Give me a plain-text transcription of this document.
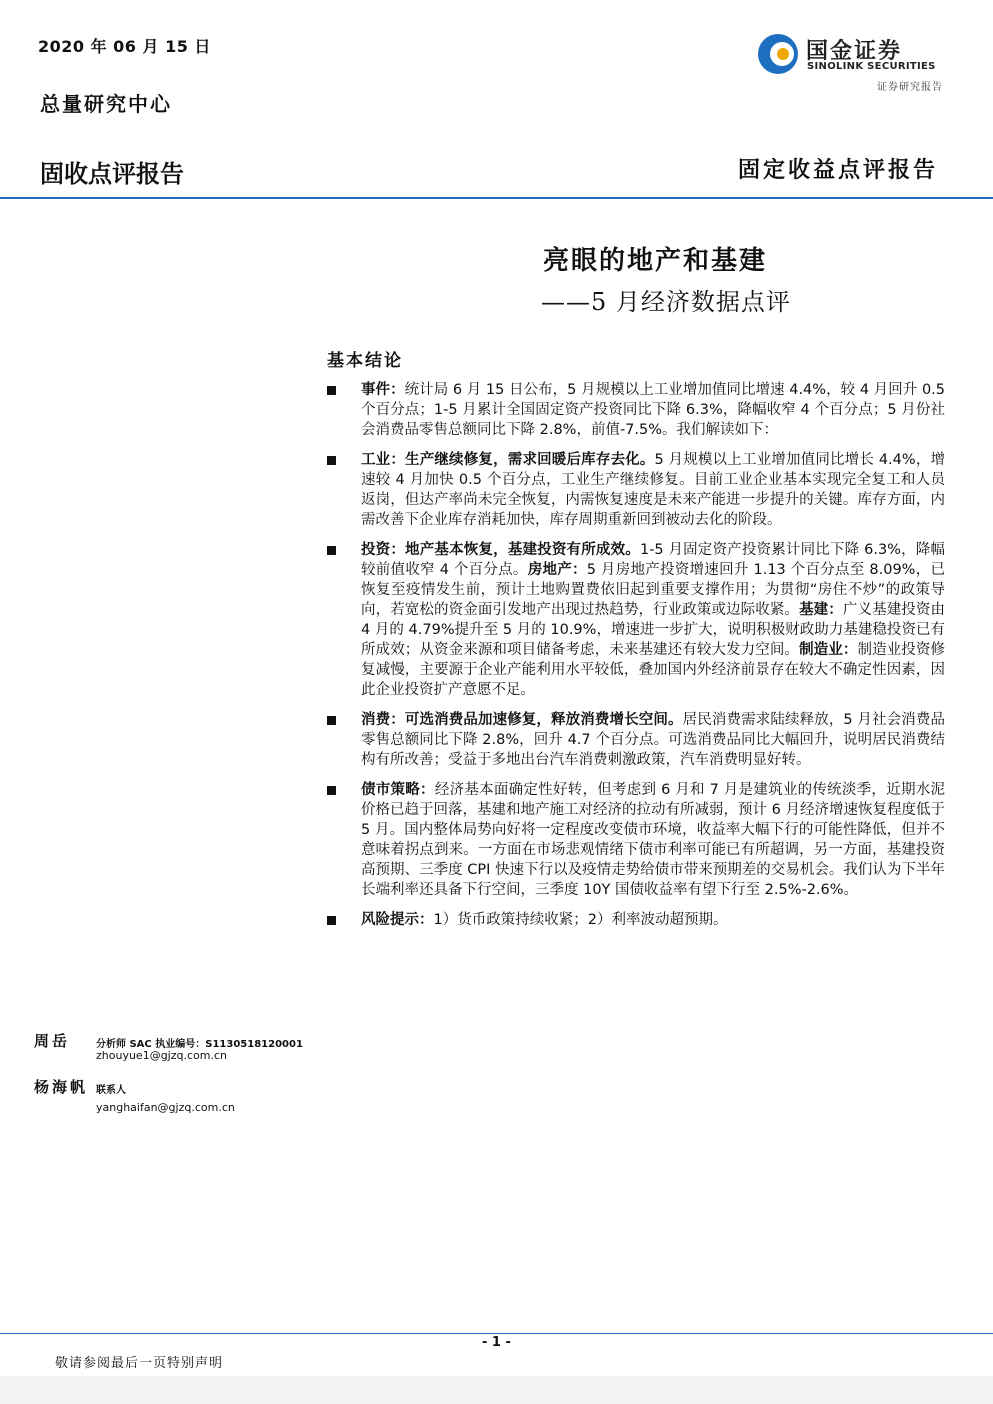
2020 年 06 月 15 日
总量研究中心
固收点评报告	固定收益点评报告
国金证券
SINOLINK SECURITIES
证券研究报告
亮眼的地产和基建
——5 月经济数据点评
基本结论
事件：统计局 6 月 15 日公布，5 月规模以上工业增加值同比增速 4.4%，较 4 月回升 0.5 个百分点；1-5 月累计全国固定资产投资同比下降 6.3%，降幅收窄 4 个百分点；5 月份社会消费品零售总额同比下降 2.8%，前值-7.5%。我们解读如下：
工业：生产继续修复，需求回暖后库存去化。5 月规模以上工业增加值同比增长 4.4%，增速较 4 月加快 0.5 个百分点，工业生产继续修复。目前工业企业基本实现完全复工和人员返岗，但达产率尚未完全恢复，内需恢复速度是未来产能进一步提升的关键。库存方面，内需改善下企业库存消耗加快，库存周期重新回到被动去化的阶段。
投资：地产基本恢复，基建投资有所成效。1-5 月固定资产投资累计同比下降 6.3%，降幅较前值收窄 4 个百分点。房地产：5 月房地产投资增速回升 1.13 个百分点至 8.09%，已恢复至疫情发生前，预计土地购置费依旧起到重要支撑作用；为贯彻“房住不炒”的政策导向，若宽松的资金面引发地产出现过热趋势，行业政策或边际收紧。基建：广义基建投资由 4 月的 4.79%提升至 5 月的 10.9%，增速进一步扩大，说明积极财政助力基建稳投资已有所成效；从资金来源和项目储备考虑，未来基建还有较大发力空间。制造业：制造业投资修复减慢，主要源于企业产能利用水平较低，叠加国内外经济前景存在较大不确定性因素，因此企业投资扩产意愿不足。
消费：可选消费品加速修复，释放消费增长空间。居民消费需求陆续释放，5 月社会消费品零售总额同比下降 2.8%，回升 4.7 个百分点。可选消费品同比大幅回升，说明居民消费结构有所改善；受益于多地出台汽车消费刺激政策，汽车消费明显好转。
债市策略：经济基本面确定性好转，但考虑到 6 月和 7 月是建筑业的传统淡季，近期水泥价格已趋于回落，基建和地产施工对经济的拉动有所减弱，预计 6 月经济增速恢复程度低于 5 月。国内整体局势向好将一定程度改变债市环境，收益率大幅下行的可能性降低，但并不意味着拐点到来。一方面在市场悲观情绪下债市利率可能已有所超调，另一方面，基建投资高预期、三季度 CPI 快速下行以及疫情走势给债市带来预期差的交易机会。我们认为下半年长端利率还具备下行空间，三季度 10Y 国债收益率有望下行至 2.5%-2.6%。
风险提示：1）货币政策持续收紧；2）利率波动超预期。
周岳	分析师 SAC 执业编号：S1130518120001
zhouyue1@gjzq.com.cn
杨海帆 联系人
yanghaifan@gjzq.com.cn
- 1 -
敬请参阅最后一页特别声明
